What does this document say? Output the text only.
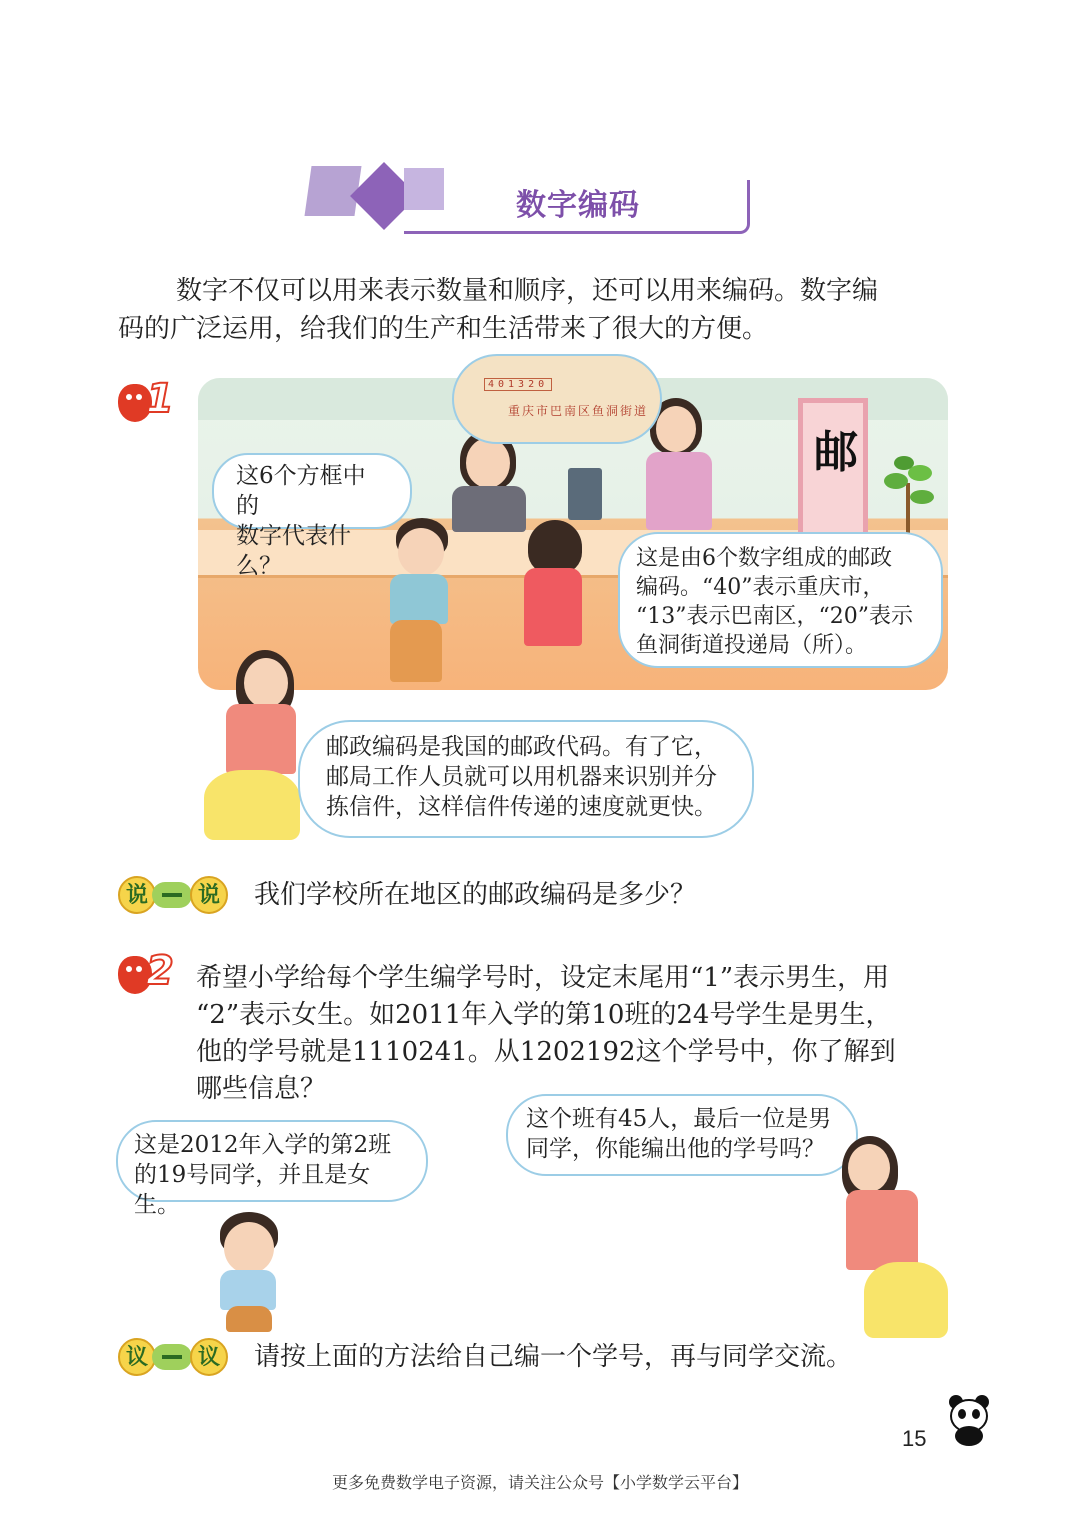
数字编码
数字不仅可以用来表示数量和顺序，还可以用来编码。数字编
码的广泛运用，给我们的生产和生活带来了很大的方便。
1
邮
401320
重庆市巴南区鱼洞街道
这6个方框中的
数字代表什么？	这是由6个数字组成的邮政
编码。“40”表示重庆市，
“13”表示巴南区，“20”表示
鱼洞街道投递局（所）。
邮政编码是我国的邮政代码。有了它，
邮局工作人员就可以用机器来识别并分
拣信件，这样信件传递的速度就更快。
说	说	我们学校所在地区的邮政编码是多少？
2 希望小学给每个学生编学号时，设定末尾用“1”表示男生，用
“2”表示女生。如2011年入学的第10班的24号学生是男生，
他的学号就是1110241。从1202192这个学号中，你了解到
哪些信息？
这是2012年入学的第2班
的19号同学，并且是女生。
这个班有45人，最后一位是男
同学，你能编出他的学号吗？
议	议	请按上面的方法给自己编一个学号，再与同学交流。
15
更多免费数学电子资源，请关注公众号【小学数学云平台】
